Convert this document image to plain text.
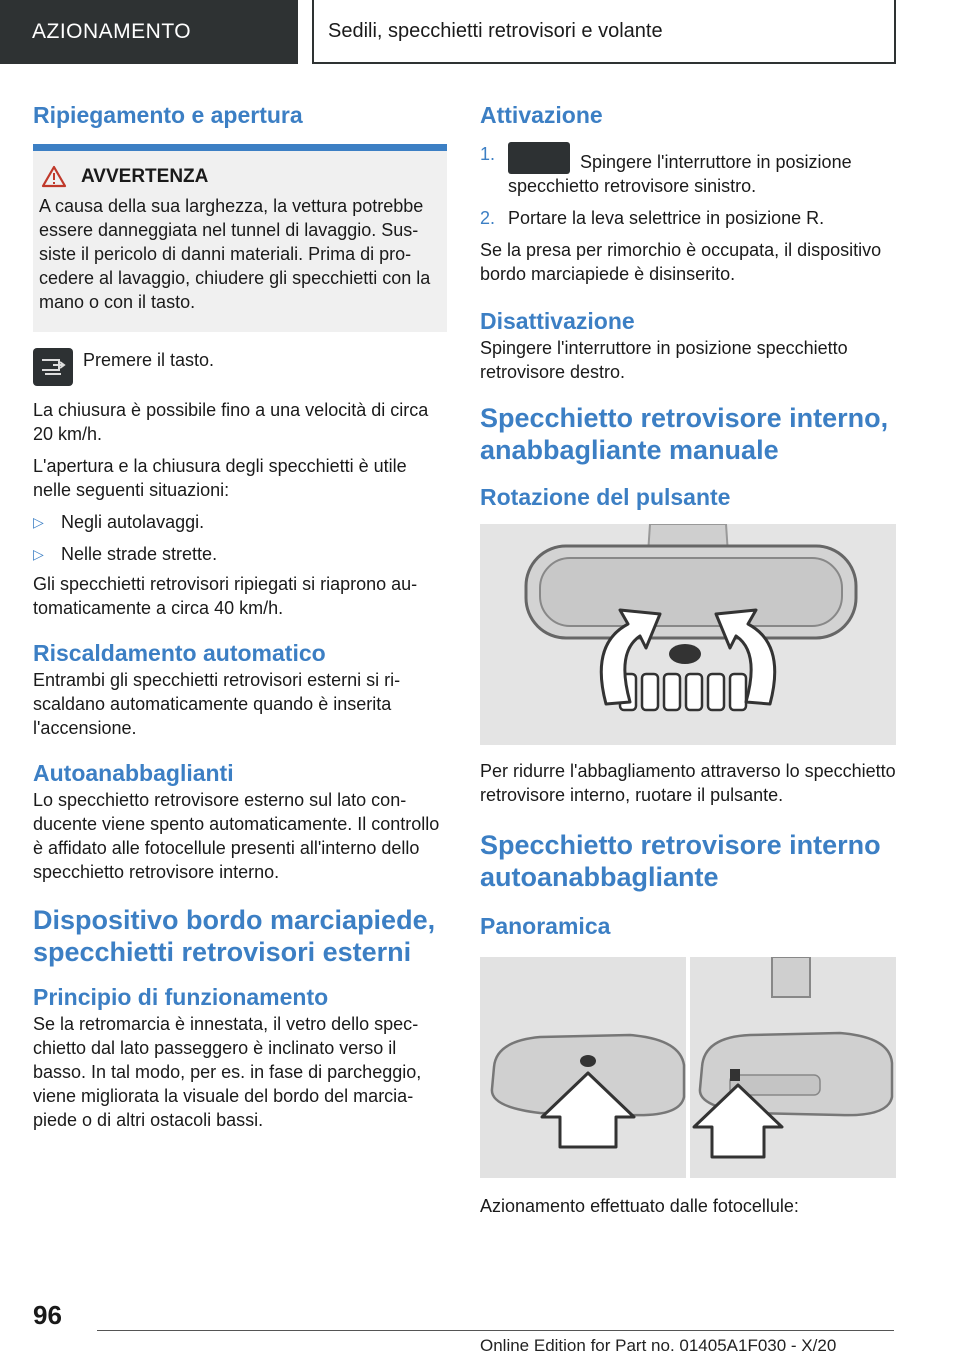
AZIONAMENTO	Sedili, specchietti retrovisori e volante
Ripiegamento e apertura
AVVERTENZA
A causa della sua larghezza, la vettura potrebbe essere danneggiata nel tunnel di lavaggio. Sussiste il pericolo di danni materiali. Prima di procedere al lavaggio, chiudere gli specchietti con la mano o con il tasto.

Premere il tasto.

La chiusura è possibile fino a una velocità di circa 20 km/h.

L'apertura e la chiusura degli specchietti è utile nelle seguenti situazioni:

▷ Negli autolavaggi.
▷ Nelle strade strette.

Gli specchietti retrovisori ripiegati si riaprono automaticamente a circa 40 km/h.

Riscaldamento automatico

Entrambi gli specchietti retrovisori esterni si riscaldano automaticamente quando è inserita l'accensione.

Autoanabbaglianti

Lo specchietto retrovisore esterno sul lato conducente viene spento automaticamente. Il controllo è affidato alle fotocellule presenti all'interno dello specchietto retrovisore interno.

Dispositivo bordo marciapiede, specchietti retrovisori esterni
Principio di funzionamento

Se la retromarcia è innestata, il vetro dello specchietto dal lato passeggero è inclinato verso il basso. In tal modo, per es. in fase di parcheggio, viene migliorata la visuale del bordo del marciapiede o di altri ostacoli bassi.

Attivazione
1.	Spingere l'interruttore in posizione specchietto retrovisore sinistro.
2. Portare la leva selettrice in posizione R.

Se la presa per rimorchio è occupata, il dispositivo bordo marciapiede è disinserito.

Disattivazione

Spingere l'interruttore in posizione specchietto retrovisore destro.

Specchietto retrovisore interno, anabbagliante manuale
Rotazione del pulsante

Per ridurre l'abbagliamento attraverso lo specchietto retrovisore interno, ruotare il pulsante.

Specchietto retrovisore interno autoanabbagliante
Panoramica

Azionamento effettuato dalle fotocellule:

96
Online Edition for Part no. 01405A1F030 - X/20
